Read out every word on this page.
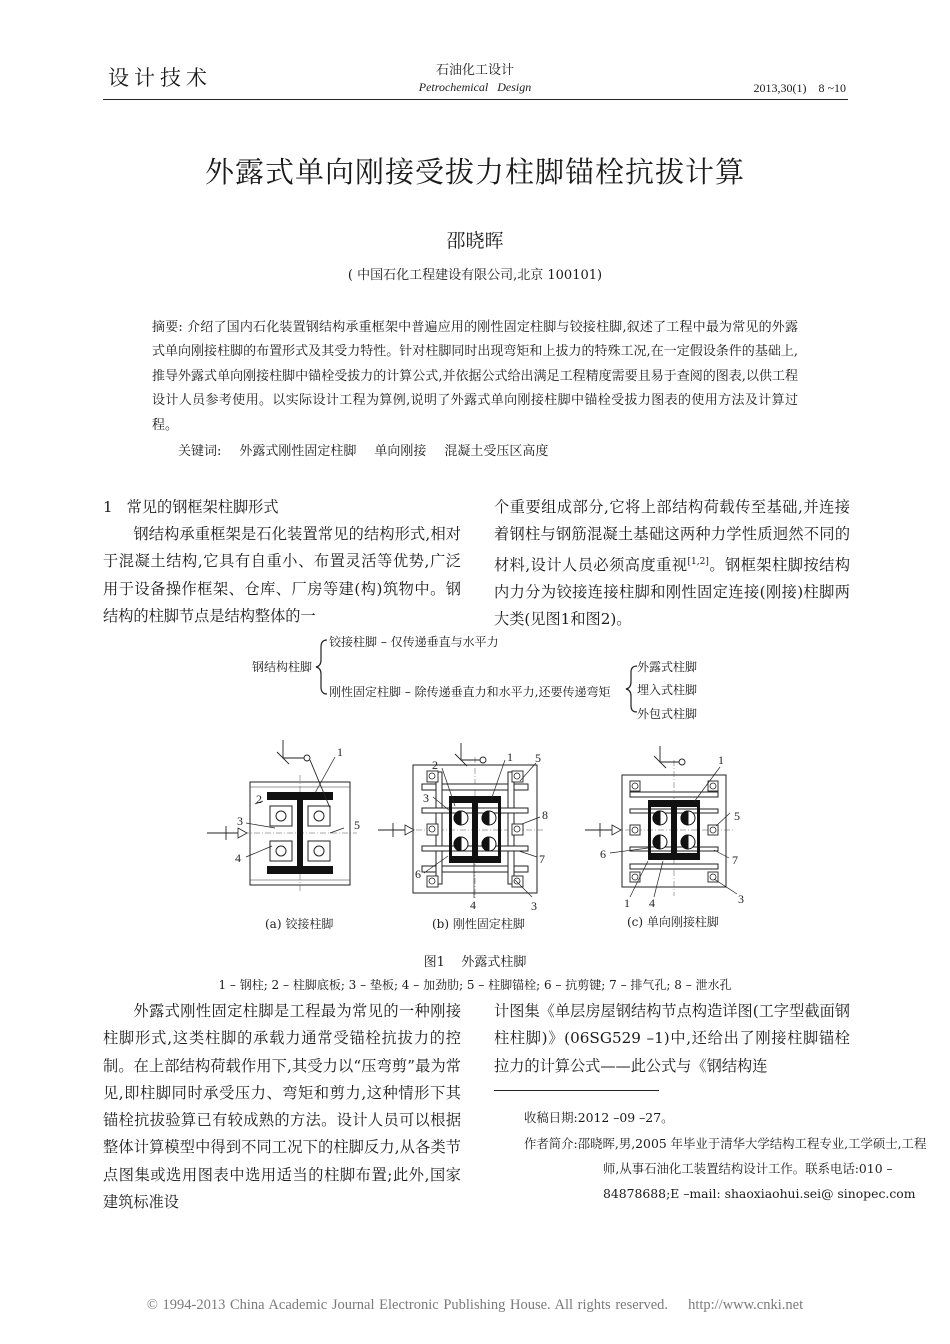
设计技术	石油化工设计
Petrochemical Design	2013,30(1)    8 ~10
外露式单向刚接受拔力柱脚锚栓抗拔计算
邵晓晖
( 中国石化工程建设有限公司,北京 100101)
摘要: 介绍了国内石化装置钢结构承重框架中普遍应用的刚性固定柱脚与铰接柱脚,叙述了工程中最为常见的外露式单向刚接柱脚的布置形式及其受力特性。针对柱脚同时出现弯矩和上拔力的特殊工况,在一定假设条件的基础上,推导外露式单向刚接柱脚中锚栓受拔力的计算公式,并依据公式给出满足工程精度需要且易于查阅的图表,以供工程设计人员参考使用。以实际设计工程为算例,说明了外露式单向刚接柱脚中锚栓受拔力图表的使用方法及计算过程。
关键词: 外露式刚性固定柱脚 单向刚接 混凝土受压区高度
1 常见的钢框架柱脚形式

钢结构承重框架是石化装置常见的结构形式,相对于混凝土结构,它具有自重小、布置灵活等优势,广泛用于设备操作框架、仓库、厂房等建(构)筑物中。钢结构的柱脚节点是结构整体的一

个重要组成部分,它将上部结构荷载传至基础,并连接着钢柱与钢筋混凝土基础这两种力学性质迥然不同的材料,设计人员必须高度重视[1,2]。钢框架柱脚按结构内力分为铰接连接柱脚和刚性固定连接(刚接)柱脚两大类(见图1和图2)。

钢结构柱脚
铰接柱脚 – 仅传递垂直与水平力
刚性固定柱脚 – 除传递垂直力和水平力,还要传递弯矩
外露式柱脚
埋入式柱脚
外包式柱脚
1
2
3
4
5
(a) 铰接柱脚
1
2
3
6
4
5
8
7
3
(b) 刚性固定柱脚
1
5
7
3
6
1 4
(c) 单向刚接柱脚
图1    外露式柱脚
1 – 钢柱; 2 – 柱脚底板; 3 – 垫板; 4 – 加劲肋; 5 – 柱脚锚栓; 6 – 抗剪键; 7 – 排气孔; 8 – 泄水孔

外露式刚性固定柱脚是工程最为常见的一种刚接柱脚形式,这类柱脚的承载力通常受锚栓抗拔力的控制。在上部结构荷载作用下,其受力以“压弯剪”最为常见,即柱脚同时承受压力、弯矩和剪力,这种情形下其锚栓抗拔验算已有较成熟的方法。设计人员可以根据整体计算模型中得到不同工况下的柱脚反力,从各类节点图集或选用图表中选用适当的柱脚布置;此外,国家建筑标准设

计图集《单层房屋钢结构节点构造详图(工字型截面钢柱柱脚)》(06SG529 –1)中,还给出了刚接柱脚锚栓拉力的计算公式——此公式与《钢结构连

收稿日期:2012 –09 –27。
作者简介:邵晓晖,男,2005 年毕业于清华大学结构工程专业,工学硕士,工程师,从事石油化工装置结构设计工作。联系电话:010 –84878688;E –mail: shaoxiaohui.sei@ sinopec.com
© 1994-2013 China Academic Journal Electronic Publishing House. All rights reserved. http://www.cnki.net
